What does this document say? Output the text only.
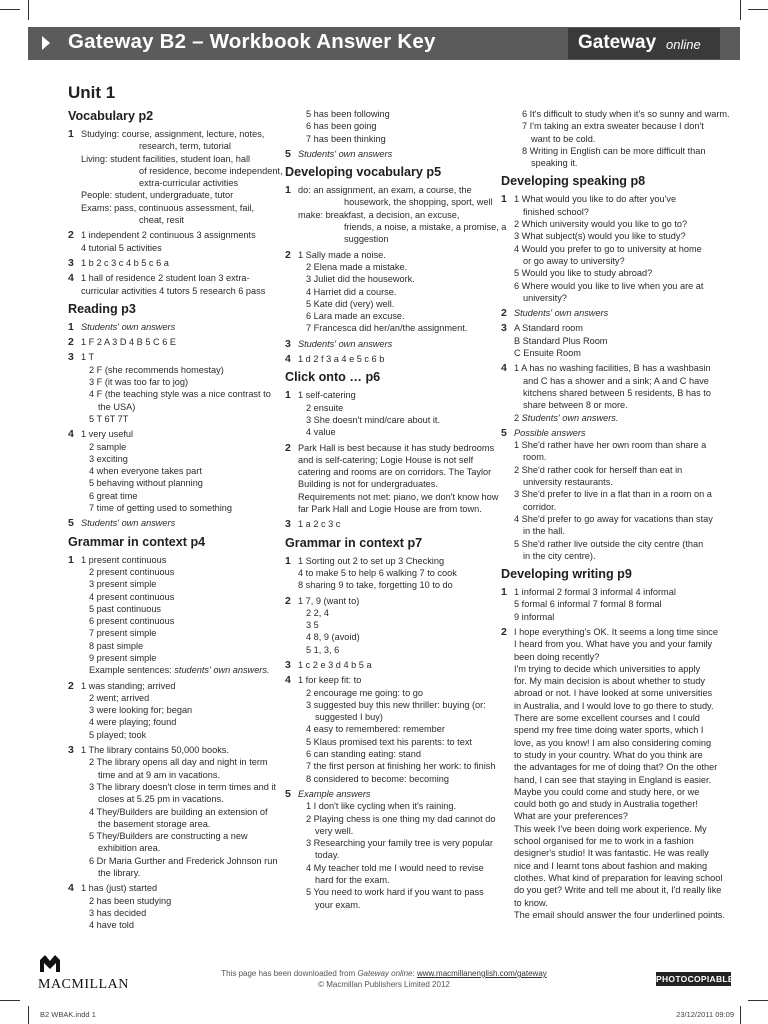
Gateway B2 – Workbook Answer Key	Gateway online
Unit 1
Vocabulary p2
1 Studying: course, assignment, lecture, notes,
research, term, tutorial
Living: student facilities, student loan, hall
of residence, become independent,
extra-curricular activities
People: student, undergraduate, tutor
Exams: pass, continuous assessment, fail,
cheat, resit
2 1 independent 2 continuous 3 assignments
4 tutorial 5 activities
3 1 b 2 c 3 c 4 b 5 c 6 a
4 1 hall of residence 2 student loan 3 extra-
curricular activities 4 tutors 5 research 6 pass
Reading p3
1 Students' own answers
2 1 F 2 A 3 D 4 B 5 C 6 E
3 1 T
2 F (she recommends homestay)
3 F (it was too far to jog)
4 F (the teaching style was a nice contrast to
the USA)
5 T 6T 7T
4 1 very useful
2 sample
3 exciting
4 when everyone takes part
5 behaving without planning
6 great time
7 time of getting used to something
5 Students' own answers
Grammar in context p4
1 1 present continuous
2 present continuous
3 present simple
4 present continuous
5 past continuous
6 present continuous
7 present simple
8 past simple
9 present simple
Example sentences: students' own answers.
2 1 was standing; arrived
2 went; arrived
3 were looking for; began
4 were playing; found
5 played; took
3 1 The library contains 50,000 books.
2 The library opens all day and night in term
time and at 9 am in vacations.
3 The library doesn't close in term times and it
closes at 5.25 pm in vacations.
4 They/Builders are building an extension of
the basement storage area.
5 They/Builders are constructing a new
exhibition area.
6 Dr Maria Gurther and Frederick Johnson run
the library.
4 1 has (just) started
2 has been studying
3 has decided
4 have told
5 has been following
6 has been going
7 has been thinking
5 Students' own answers
Developing vocabulary p5
1 do: an assignment, an exam, a course, the
housework, the shopping, sport, well
make: breakfast, a decision, an excuse,
friends, a noise, a mistake, a promise, a
suggestion
2 1 Sally made a noise.
2 Elena made a mistake.
3 Juliet did the housework.
4 Harriet did a course.
5 Kate did (very) well.
6 Lara made an excuse.
7 Francesca did her/an/the assignment.
3 Students' own answers
4 1 d 2 f 3 a 4 e 5 c 6 b
Click onto … p6
1 1 self-catering
2 ensuite
3 She doesn't mind/care about it.
4 value
2 Park Hall is best because it has study bedrooms
and is self-catering; Logie House is not self
catering and rooms are on corridors. The Taylor
Building is not for undergraduates.
Requirements not met: piano, we don't know how
far Park Hall and Logie House are from town.
3 1 a 2 c 3 c
Grammar in context p7
1 1 Sorting out 2 to set up 3 Checking
4 to make 5 to help 6 walking 7 to cook
8 sharing 9 to take, forgetting 10 to do
2 1 7, 9 (want to)
2 2, 4
3 5
4 8, 9 (avoid)
5 1, 3, 6
3 1 c 2 e 3 d 4 b 5 a
4 1 for keep fit: to
2 encourage me going: to go
3 suggested buy this new thriller: buying (or:
suggested I buy)
4 easy to remembered: remember
5 Klaus promised text his parents: to text
6 can standing eating: stand
7 the first person at finishing her work: to finish
8 considered to become: becoming
5 Example answers
1 I don't like cycling when it's raining.
2 Playing chess is one thing my dad cannot do
very well.
3 Researching your family tree is very popular
today.
4 My teacher told me I would need to revise
hard for the exam.
5 You need to work hard if you want to pass
your exam.
6 It's difficult to study when it's so sunny and warm.
7 I'm taking an extra sweater because I don't
want to be cold.
8 Writing in English can be more difficult than
speaking it.
Developing speaking p8
1 1 What would you like to do after you've
finished school?
2 Which university would you like to go to?
3 What subject(s) would you like to study?
4 Would you prefer to go to university at home
or go away to university?
5 Would you like to study abroad?
6 Where would you like to live when you are at
university?
2 Students' own answers
3 A Standard room
B Standard Plus Room
C Ensuite Room
4 1 A has no washing facilities, B has a washbasin
and C has a shower and a sink; A and C have
kitchens shared between 5 residents, B has to
share between 8 or more.
2 Students' own answers.
5 Possible answers
1 She'd rather have her own room than share a
room.
2 She'd rather cook for herself than eat in
university restaurants.
3 She'd prefer to live in a flat than in a room on a
corridor.
4 She'd prefer to go away for vacations than stay
in the hall.
5 She'd rather live outside the city centre (than
in the city centre).
Developing writing p9
1 1 informal 2 formal 3 informal 4 informal
5 formal 6 informal 7 formal 8 formal
9 informal
2 I hope everything's OK. It seems a long time since
I heard from you. What have you and your family
been doing recently?
I'm trying to decide which universities to apply
for. My main decision is about whether to study
abroad or not. I have looked at some universities
in Australia, and I would love to go there to study.
There are some excellent courses and I could
spend my free time doing water sports, which I
love, as you know! I am also considering coming
to study in your country. What do you think are
the advantages for me of doing that? On the other
hand, I can see that staying in England is easier.
Maybe you could come and study here, or we
could both go and study in Australia together!
What are your preferences?
This week I've been doing work experience. My
school organised for me to work in a fashion
designer's studio! It was fantastic. He was really
nice and I learnt tons about fashion and making
clothes. What kind of preparation for leaving school
do you get? Write and tell me about it, I'd really like
to know.
The email should answer the four underlined points.
MACMILLAN
This page has been downloaded from Gateway online: www.macmillanenglish.com/gateway
© Macmillan Publishers Limited 2012
PHOTOCOPIABLE
B2 WBAK.indd 1	23/12/2011 09:09
